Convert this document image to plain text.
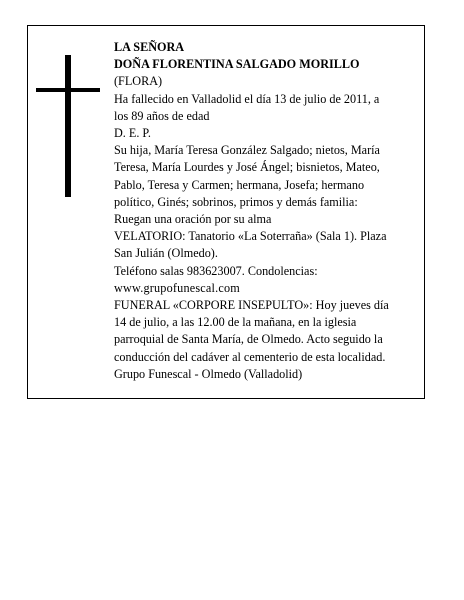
LA SEÑORA

DOÑA FLORENTINA SALGADO MORILLO

(FLORA)

Ha fallecido en Valladolid el día 13 de julio de 2011, a

los 89 años de edad

D. E. P.

Su hija, María Teresa González Salgado; nietos, María

Teresa, María Lourdes y José Ángel; bisnietos, Mateo,

Pablo, Teresa y Carmen; hermana, Josefa; hermano

político, Ginés; sobrinos, primos y demás familia:

Ruegan una oración por su alma

VELATORIO: Tanatorio «La Soterraña» (Sala 1). Plaza

San Julián (Olmedo).

Teléfono salas 983623007. Condolencias:

www.grupofunescal.com

FUNERAL «CORPORE INSEPULTO»: Hoy jueves día

14 de julio, a las 12.00 de la mañana, en la iglesia

parroquial de Santa María, de Olmedo. Acto seguido la

conducción del cadáver al cementerio de esta localidad.

Grupo Funescal - Olmedo (Valladolid)
